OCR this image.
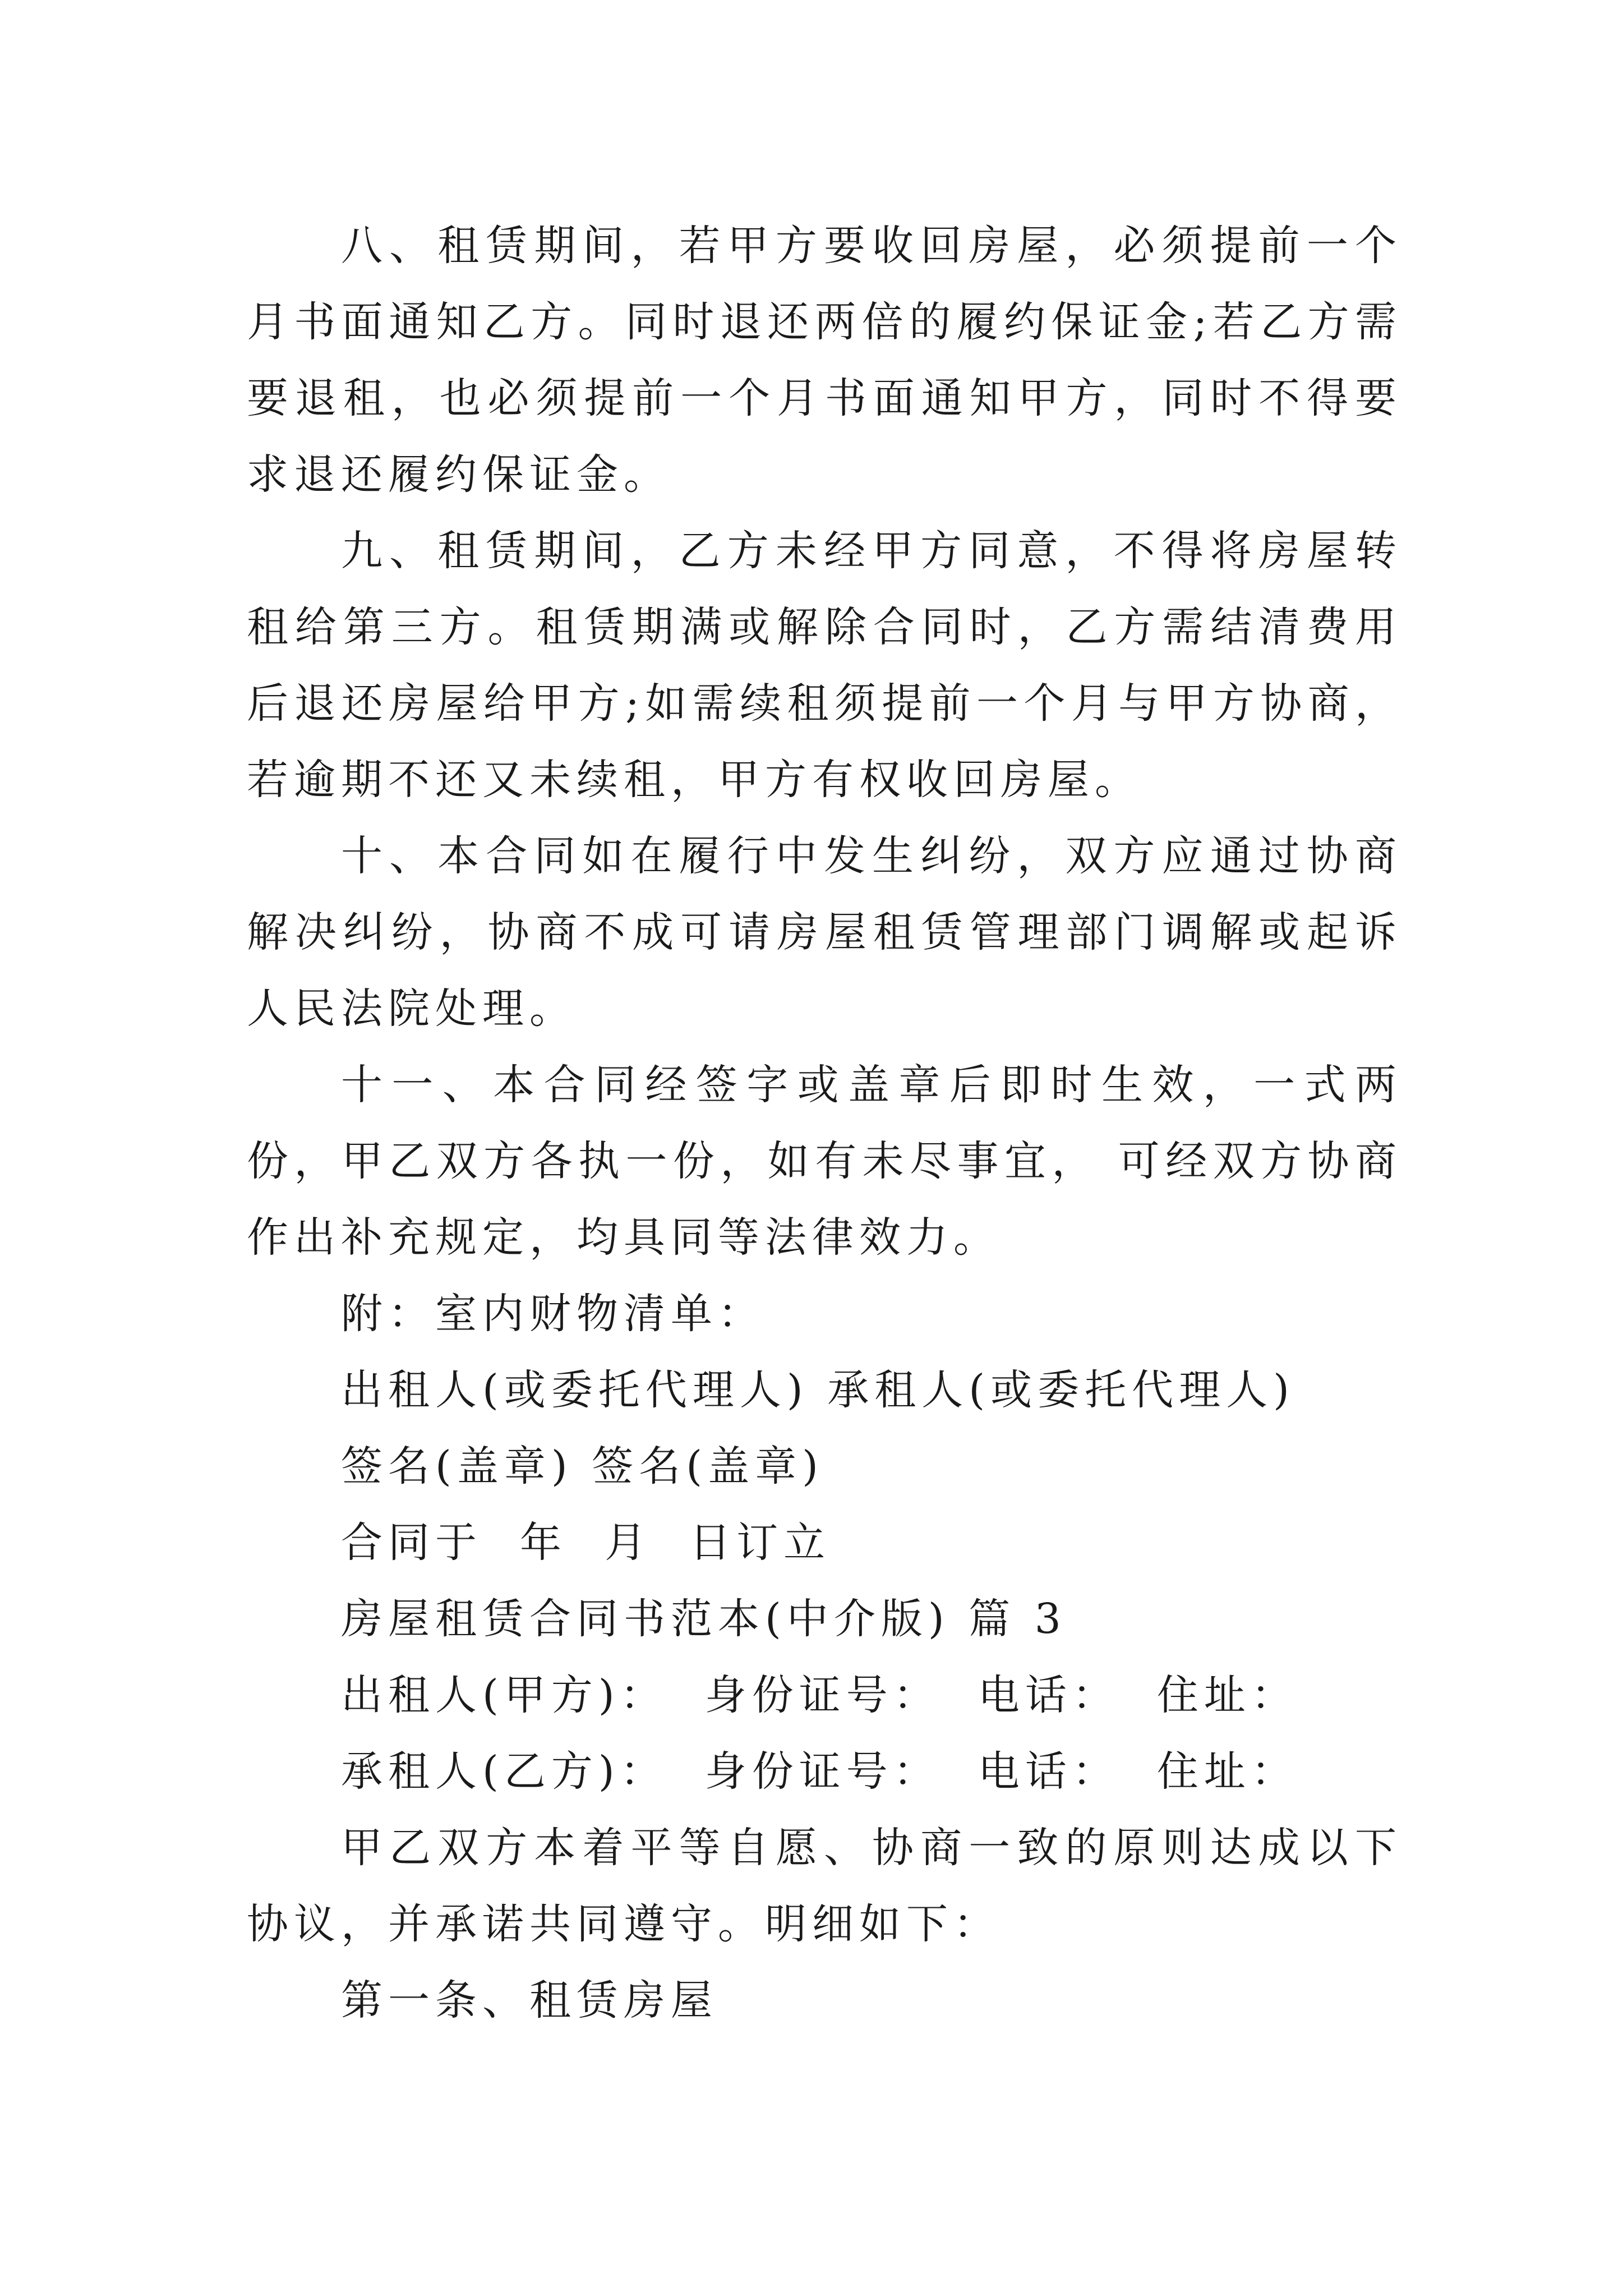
八、租赁期间，若甲方要收回房屋，必须提前一个月书面通知乙方。同时退还两倍的履约保证金;若乙方需要退租，也必须提前一个月书面通知甲方，同时不得要求退还履约保证金。

九、租赁期间，乙方未经甲方同意，不得将房屋转租给第三方。租赁期满或解除合同时，乙方需结清费用后退还房屋给甲方;如需续租须提前一个月与甲方协商，若逾期不还又未续租，甲方有权收回房屋。

十、本合同如在履行中发生纠纷，双方应通过协商解决纠纷，协商不成可请房屋租赁管理部门调解或起诉人民法院处理。

十一、本合同经签字或盖章后即时生效，一式两份，甲乙双方各执一份，如有未尽事宜， 可经双方协商作出补充规定，均具同等法律效力。

附：室内财物清单：

出租人(或委托代理人) 承租人(或委托代理人)

签名(盖章) 签名(盖章)

合同于  年  月  日订立

房屋租赁合同书范本(中介版) 篇 3

出租人(甲方)：  身份证号：  电话：  住址：

承租人(乙方)：  身份证号：  电话：  住址：

甲乙双方本着平等自愿、协商一致的原则达成以下协议，并承诺共同遵守。明细如下：

第一条、租赁房屋
